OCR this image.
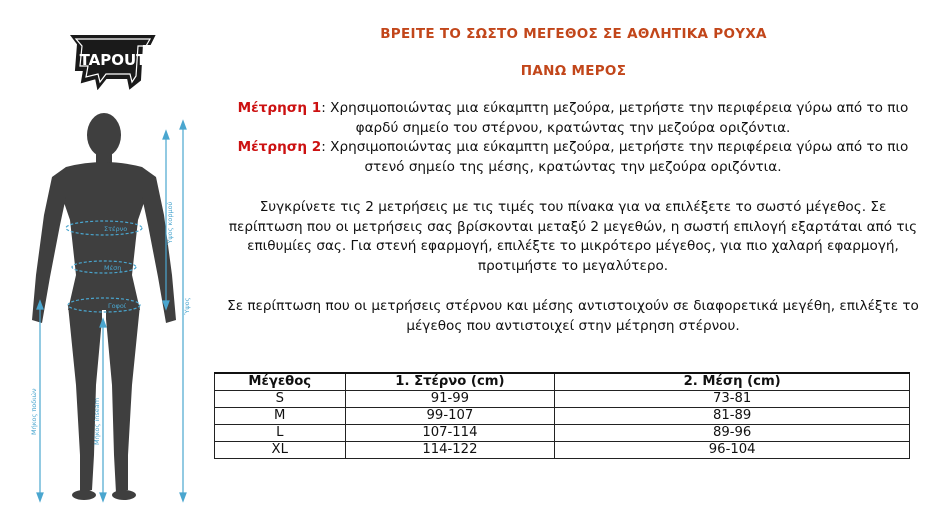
TAPOUT
Στέρνο
Μέση
Γοφοί
Ύψος κορμού
Ύψος
Μήκος ποδιών	Μήκος inseam
ΒΡΕΙΤΕ ΤΟ ΣΩΣΤΟ ΜΕΓΕΘΟΣ ΣΕ ΑΘΛΗΤΙΚΑ ΡΟΥΧΑ
ΠΑΝΩ ΜΕΡΟΣ
Μέτρηση 1: Χρησιμοποιώντας μια εύκαμπτη μεζούρα, μετρήστε την περιφέρεια γύρω από το πιο φαρδύ σημείο του στέρνου, κρατώντας την μεζούρα οριζόντια.
Μέτρηση 2: Χρησιμοποιώντας μια εύκαμπτη μεζούρα, μετρήστε την περιφέρεια γύρω από το πιο στενό σημείο της μέσης, κρατώντας την μεζούρα οριζόντια.
Συγκρίνετε τις 2 μετρήσεις με τις τιμές του πίνακα για να επιλέξετε το σωστό μέγεθος. Σε περίπτωση που οι μετρήσεις σας βρίσκονται μεταξύ 2 μεγεθών, η σωστή επιλογή εξαρτάται από τις επιθυμίες σας. Για στενή εφαρμογή, επιλέξτε το μικρότερο μέγεθος, για πιο χαλαρή εφαρμογή, προτιμήστε το μεγαλύτερο.
Σε περίπτωση που οι μετρήσεις στέρνου και μέσης αντιστοιχούν σε διαφορετικά μεγέθη, επιλέξτε το μέγεθος που αντιστοιχεί στην μέτρηση στέρνου.
Μέγεθος	1. Στέρνο (cm)	2. Μέση (cm)
S	91-99	73-81
M	99-107	81-89
L	107-114	89-96
XL	114-122	96-104
